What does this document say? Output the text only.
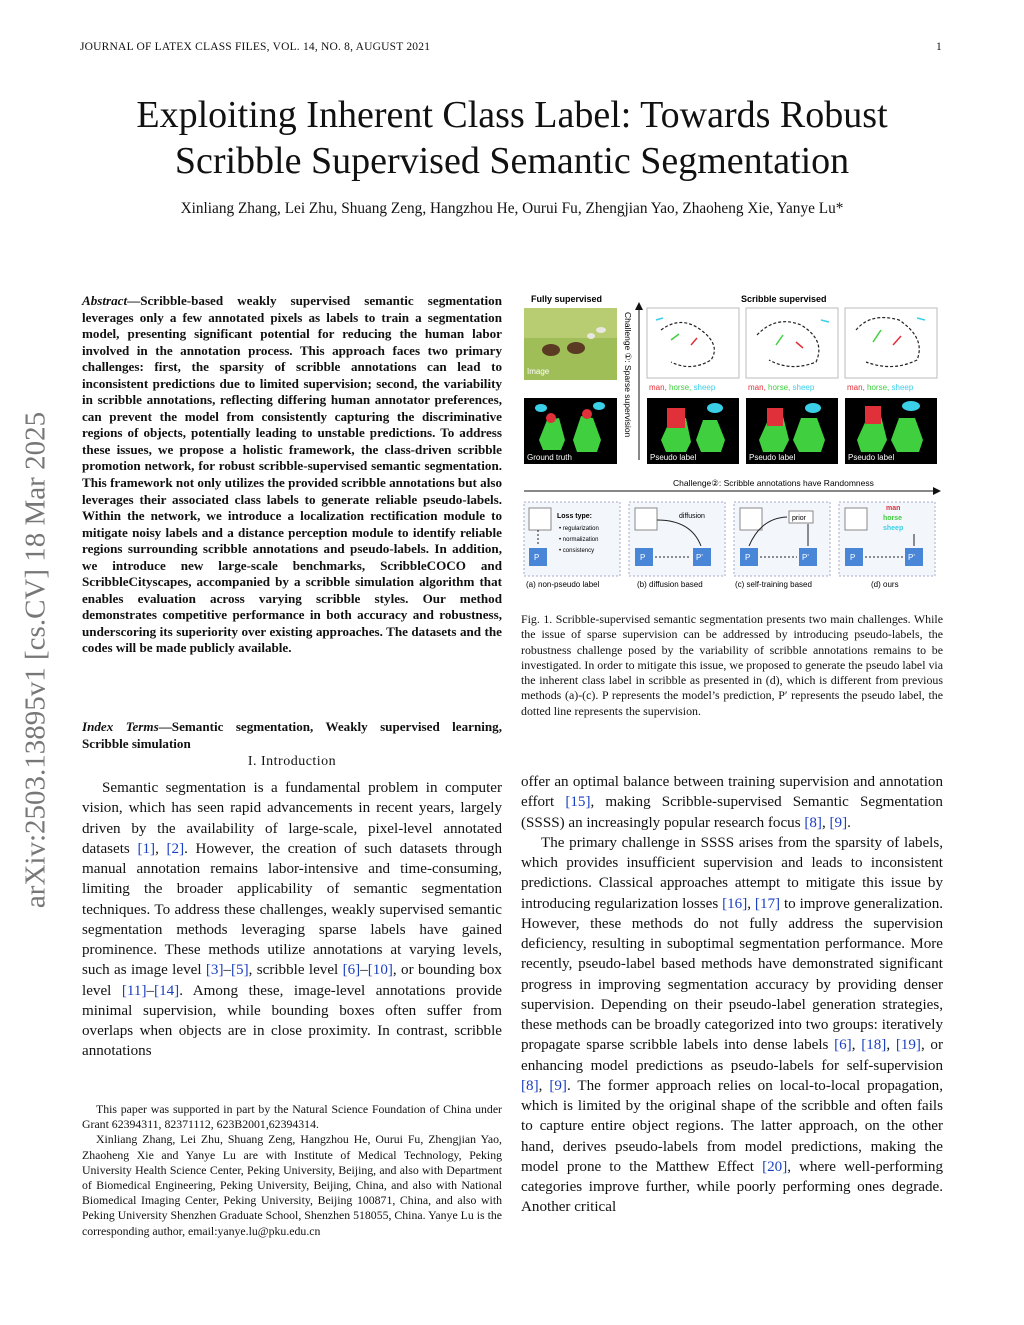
JOURNAL OF LATEX CLASS FILES, VOL. 14, NO. 8, AUGUST 2021	1
Exploiting Inherent Class Label: Towards Robust
Scribble Supervised Semantic Segmentation
Xinliang Zhang, Lei Zhu, Shuang Zeng, Hangzhou He, Ourui Fu, Zhengjian Yao, Zhaoheng Xie, Yanye Lu*
arXiv:2503.13895v1 [cs.CV] 18 Mar 2025
Abstract—Scribble-based weakly supervised semantic segmentation leverages only a few annotated pixels as labels to train a segmentation model, presenting significant potential for reducing the human labor involved in the annotation process. This approach faces two primary challenges: first, the sparsity of scribble annotations can lead to inconsistent predictions due to limited supervision; second, the variability in scribble annotations, reflecting differing human annotator preferences, can prevent the model from consistently capturing the discriminative regions of objects, potentially leading to unstable predictions. To address these issues, we propose a holistic framework, the class-driven scribble promotion network, for robust scribble-supervised semantic segmentation. This framework not only utilizes the provided scribble annotations but also leverages their associated class labels to generate reliable pseudo-labels. Within the network, we introduce a localization rectification module to mitigate noisy labels and a distance perception module to identify reliable regions surrounding scribble annotations and pseudo-labels. In addition, we introduce new large-scale benchmarks, ScribbleCOCO and ScribbleCityscapes, accompanied by a scribble simulation algorithm that enables evaluation across varying scribble styles. Our method demonstrates competitive performance in both accuracy and robustness, underscoring its superiority over existing approaches. The datasets and the codes will be made publicly available.
Index Terms—Semantic segmentation, Weakly supervised learning, Scribble simulation
I. Introduction

Semantic segmentation is a fundamental problem in computer vision, which has seen rapid advancements in recent years, largely driven by the availability of large-scale, pixel-level annotated datasets [1], [2]. However, the creation of such datasets through manual annotation remains labor-intensive and time-consuming, limiting the broader applicability of semantic segmentation techniques. To address these challenges, weakly supervised semantic segmentation methods leveraging sparse labels have gained prominence. These methods utilize annotations at varying levels, such as image level [3]–[5], scribble level [6]–[10], or bounding box level [11]–[14]. Among these, image-level annotations provide minimal supervision, while bounding boxes often suffer from overlaps when objects are in close proximity. In contrast, scribble annotations

This paper was supported in part by the Natural Science Foundation of China under Grant 62394311, 82371112, 623B2001,62394314.

Xinliang Zhang, Lei Zhu, Shuang Zeng, Hangzhou He, Ourui Fu, Zhengjian Yao, Zhaoheng Xie and Yanye Lu are with Institute of Medical Technology, Peking University Health Science Center, Peking University, Beijing, and also with Department of Biomedical Engineering, Peking University, Beijing, China, and also with National Biomedical Imaging Center, Peking University, Beijing 100871, China, and also with Peking University Shenzhen Graduate School, Shenzhen 518055, China. Yanye Lu is the corresponding author, email:yanye.lu@pku.edu.cn

Fully supervised	Scribble supervised
Image
Ground truth
Challenge ①: Sparse supervision man, horse, sheep
Pseudo label
man, horse, sheep
Pseudo label
man, horse, sheep
Pseudo label
Challenge②: Scribble annotations have Randomness
Loss type:
• regularization
• normalization
• consistency
P
(a) non-pseudo label
diffusion
P	P'
(b) diffusion based
prior
P	P'
(c) self-training based
man
horse
sheep
P	P'
(d) ours
Fig. 1. Scribble-supervised semantic segmentation presents two main challenges. While the issue of sparse supervision can be addressed by introducing pseudo-labels, the robustness challenge posed by the variability of scribble annotations remains to be investigated. In order to mitigate this issue, we proposed to generate the pseudo label via the inherent class label in scribble as presented in (d), which is different from previous methods (a)-(c). P represents the model’s prediction, P′ represents the pseudo label, the dotted line represents the supervision.

offer an optimal balance between training supervision and annotation effort [15], making Scribble-supervised Semantic Segmentation (SSSS) an increasingly popular research focus [8], [9].

The primary challenge in SSSS arises from the sparsity of labels, which provides insufficient supervision and leads to inconsistent predictions. Classical approaches attempt to mitigate this issue by introducing regularization losses [16], [17] to improve generalization. However, these methods do not fully address the supervision deficiency, resulting in suboptimal segmentation performance. More recently, pseudo-label based methods have demonstrated significant progress in improving segmentation accuracy by providing denser supervision. Depending on their pseudo-label generation strategies, these methods can be broadly categorized into two groups: iteratively propagate sparse scribble labels into dense labels [6], [18], [19], or enhancing model predictions as pseudo-labels for self-supervision [8], [9]. The former approach relies on local-to-local propagation, which is limited by the original shape of the scribble and often fails to capture entire object regions. The latter approach, on the other hand, derives pseudo-labels from model predictions, making the model prone to the Matthew Effect [20], where well-performing categories improve further, while poorly performing ones degrade. Another critical
